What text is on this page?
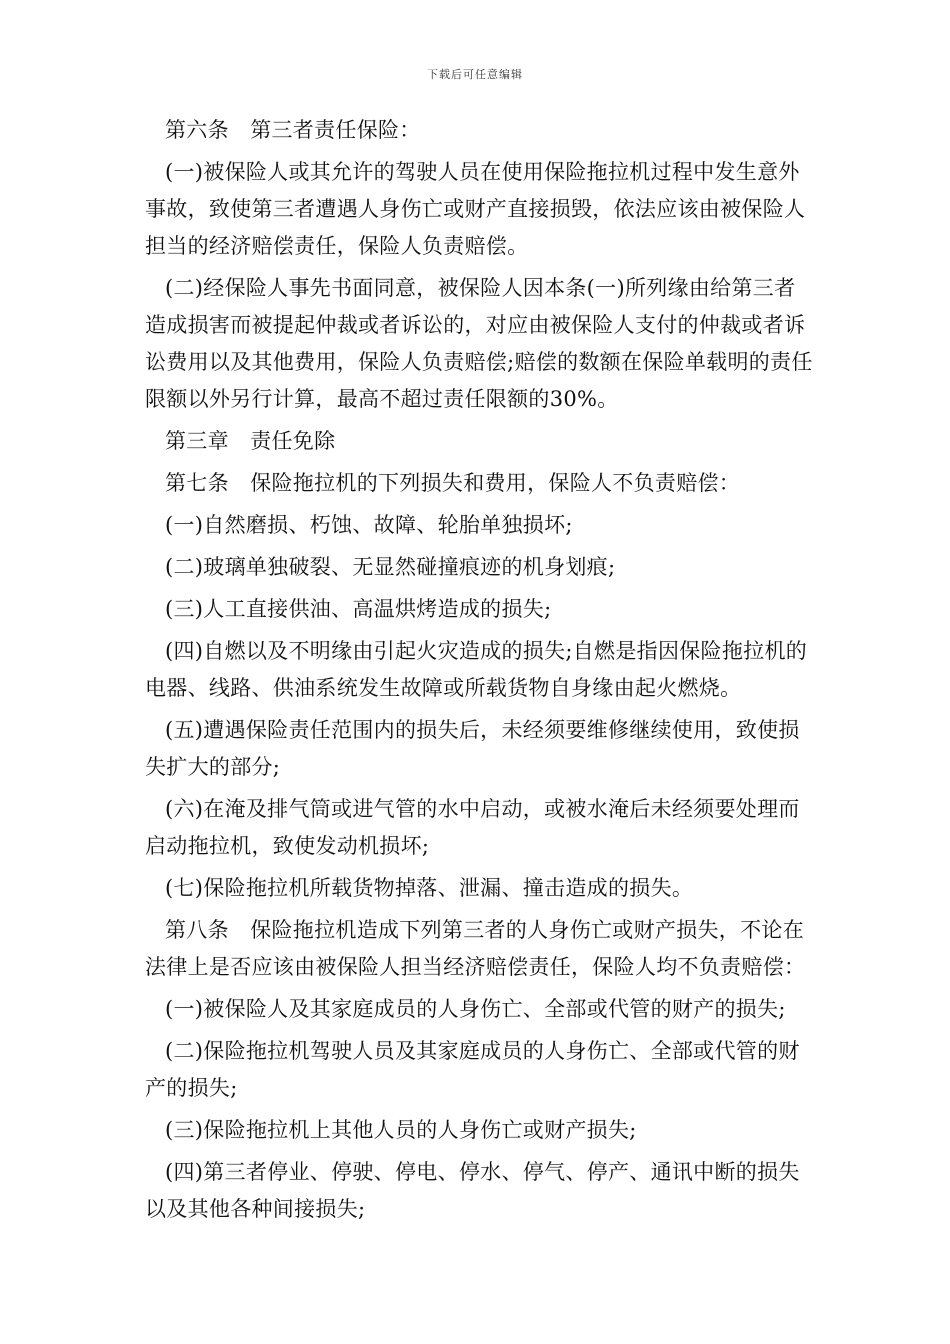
下载后可任意编辑

第六条　第三者责任保险：

(一)被保险人或其允许的驾驶人员在使用保险拖拉机过程中发生意外事故，致使第三者遭遇人身伤亡或财产直接损毁，依法应该由被保险人担当的经济赔偿责任，保险人负责赔偿。

(二)经保险人事先书面同意，被保险人因本条(一)所列缘由给第三者造成损害而被提起仲裁或者诉讼的，对应由被保险人支付的仲裁或者诉讼费用以及其他费用，保险人负责赔偿;赔偿的数额在保险单载明的责任限额以外另行计算，最高不超过责任限额的30%。

第三章　责任免除

第七条　保险拖拉机的下列损失和费用，保险人不负责赔偿：

(一)自然磨损、朽蚀、故障、轮胎单独损坏;

(二)玻璃单独破裂、无显然碰撞痕迹的机身划痕;

(三)人工直接供油、高温烘烤造成的损失;

(四)自燃以及不明缘由引起火灾造成的损失;自燃是指因保险拖拉机的电器、线路、供油系统发生故障或所载货物自身缘由起火燃烧。

(五)遭遇保险责任范围内的损失后，未经须要维修继续使用，致使损失扩大的部分;

(六)在淹及排气筒或进气管的水中启动，或被水淹后未经须要处理而启动拖拉机，致使发动机损坏;

(七)保险拖拉机所载货物掉落、泄漏、撞击造成的损失。

第八条　保险拖拉机造成下列第三者的人身伤亡或财产损失，不论在法律上是否应该由被保险人担当经济赔偿责任，保险人均不负责赔偿：

(一)被保险人及其家庭成员的人身伤亡、全部或代管的财产的损失;

(二)保险拖拉机驾驶人员及其家庭成员的人身伤亡、全部或代管的财产的损失;

(三)保险拖拉机上其他人员的人身伤亡或财产损失;

(四)第三者停业、停驶、停电、停水、停气、停产、通讯中断的损失以及其他各种间接损失;
